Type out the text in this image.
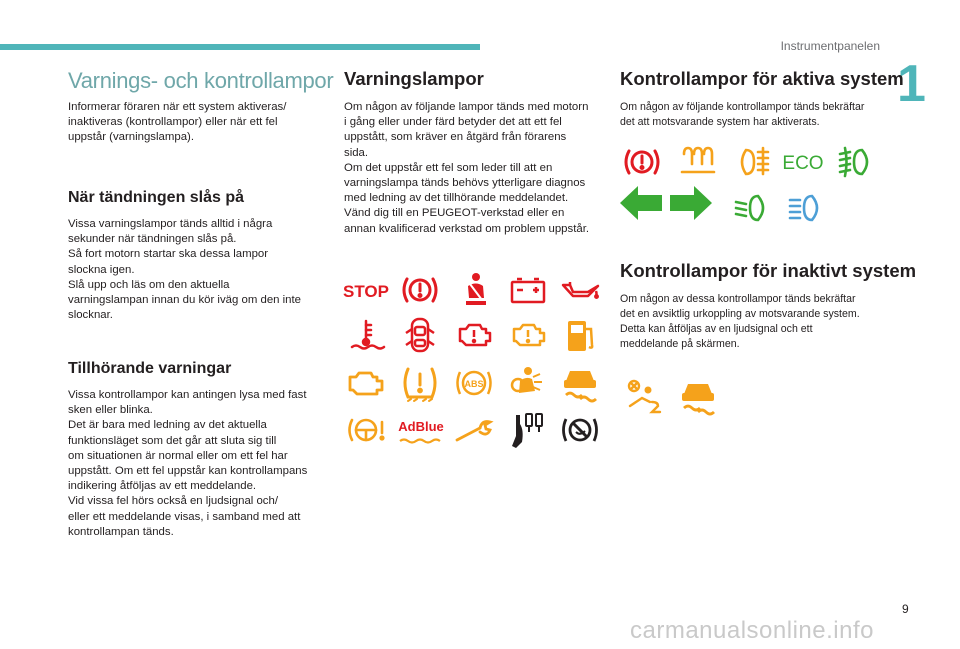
Instrumentpanelen
1
Varnings- och kontrollampor

Informerar föraren när ett system aktiveras/

inaktiveras (kontrollampor) eller när ett fel

uppstår (varningslampa).

När tändningen slås på

Vissa varningslampor tänds alltid i några

sekunder när tändningen slås på.

Så fort motorn startar ska dessa lampor

slockna igen.

Slå upp och läs om den aktuella

varningslampan innan du kör iväg om den inte

slocknar.

Tillhörande varningar

Vissa kontrollampor kan antingen lysa med fast

sken eller blinka.

Det är bara med ledning av det aktuella

funktionsläget som det går att sluta sig till

om situationen är normal eller om ett fel har

uppstått. Om ett fel uppstår kan kontrollampans

indikering åtföljas av ett meddelande.

Vid vissa fel hörs också en ljudsignal och/

eller ett meddelande visas, i samband med att

kontrollampan tänds.

Varningslampor

Om någon av följande lampor tänds med motorn

i gång eller under färd betyder det att ett fel

uppstått, som kräver en åtgärd från förarens

sida.

Om det uppstår ett fel som leder till att en

varningslampa tänds behövs ytterligare diagnos

med ledning av det tillhörande meddelandet.

Vänd dig till en PEUGEOT-verkstad eller en

annan kvalificerad verkstad om problem uppstår.

STOP
ABS
AdBlue
Kontrollampor för aktiva system

Om någon av följande kontrollampor tänds bekräftar

det att motsvarande system har aktiverats.

ECO
Kontrollampor för inaktivt system

Om någon av dessa kontrollampor tänds bekräftar

det en avsiktlig urkoppling av motsvarande system.

Detta kan åtföljas av en ljudsignal och ett

meddelande på skärmen.

9
carmanualsonline.info
